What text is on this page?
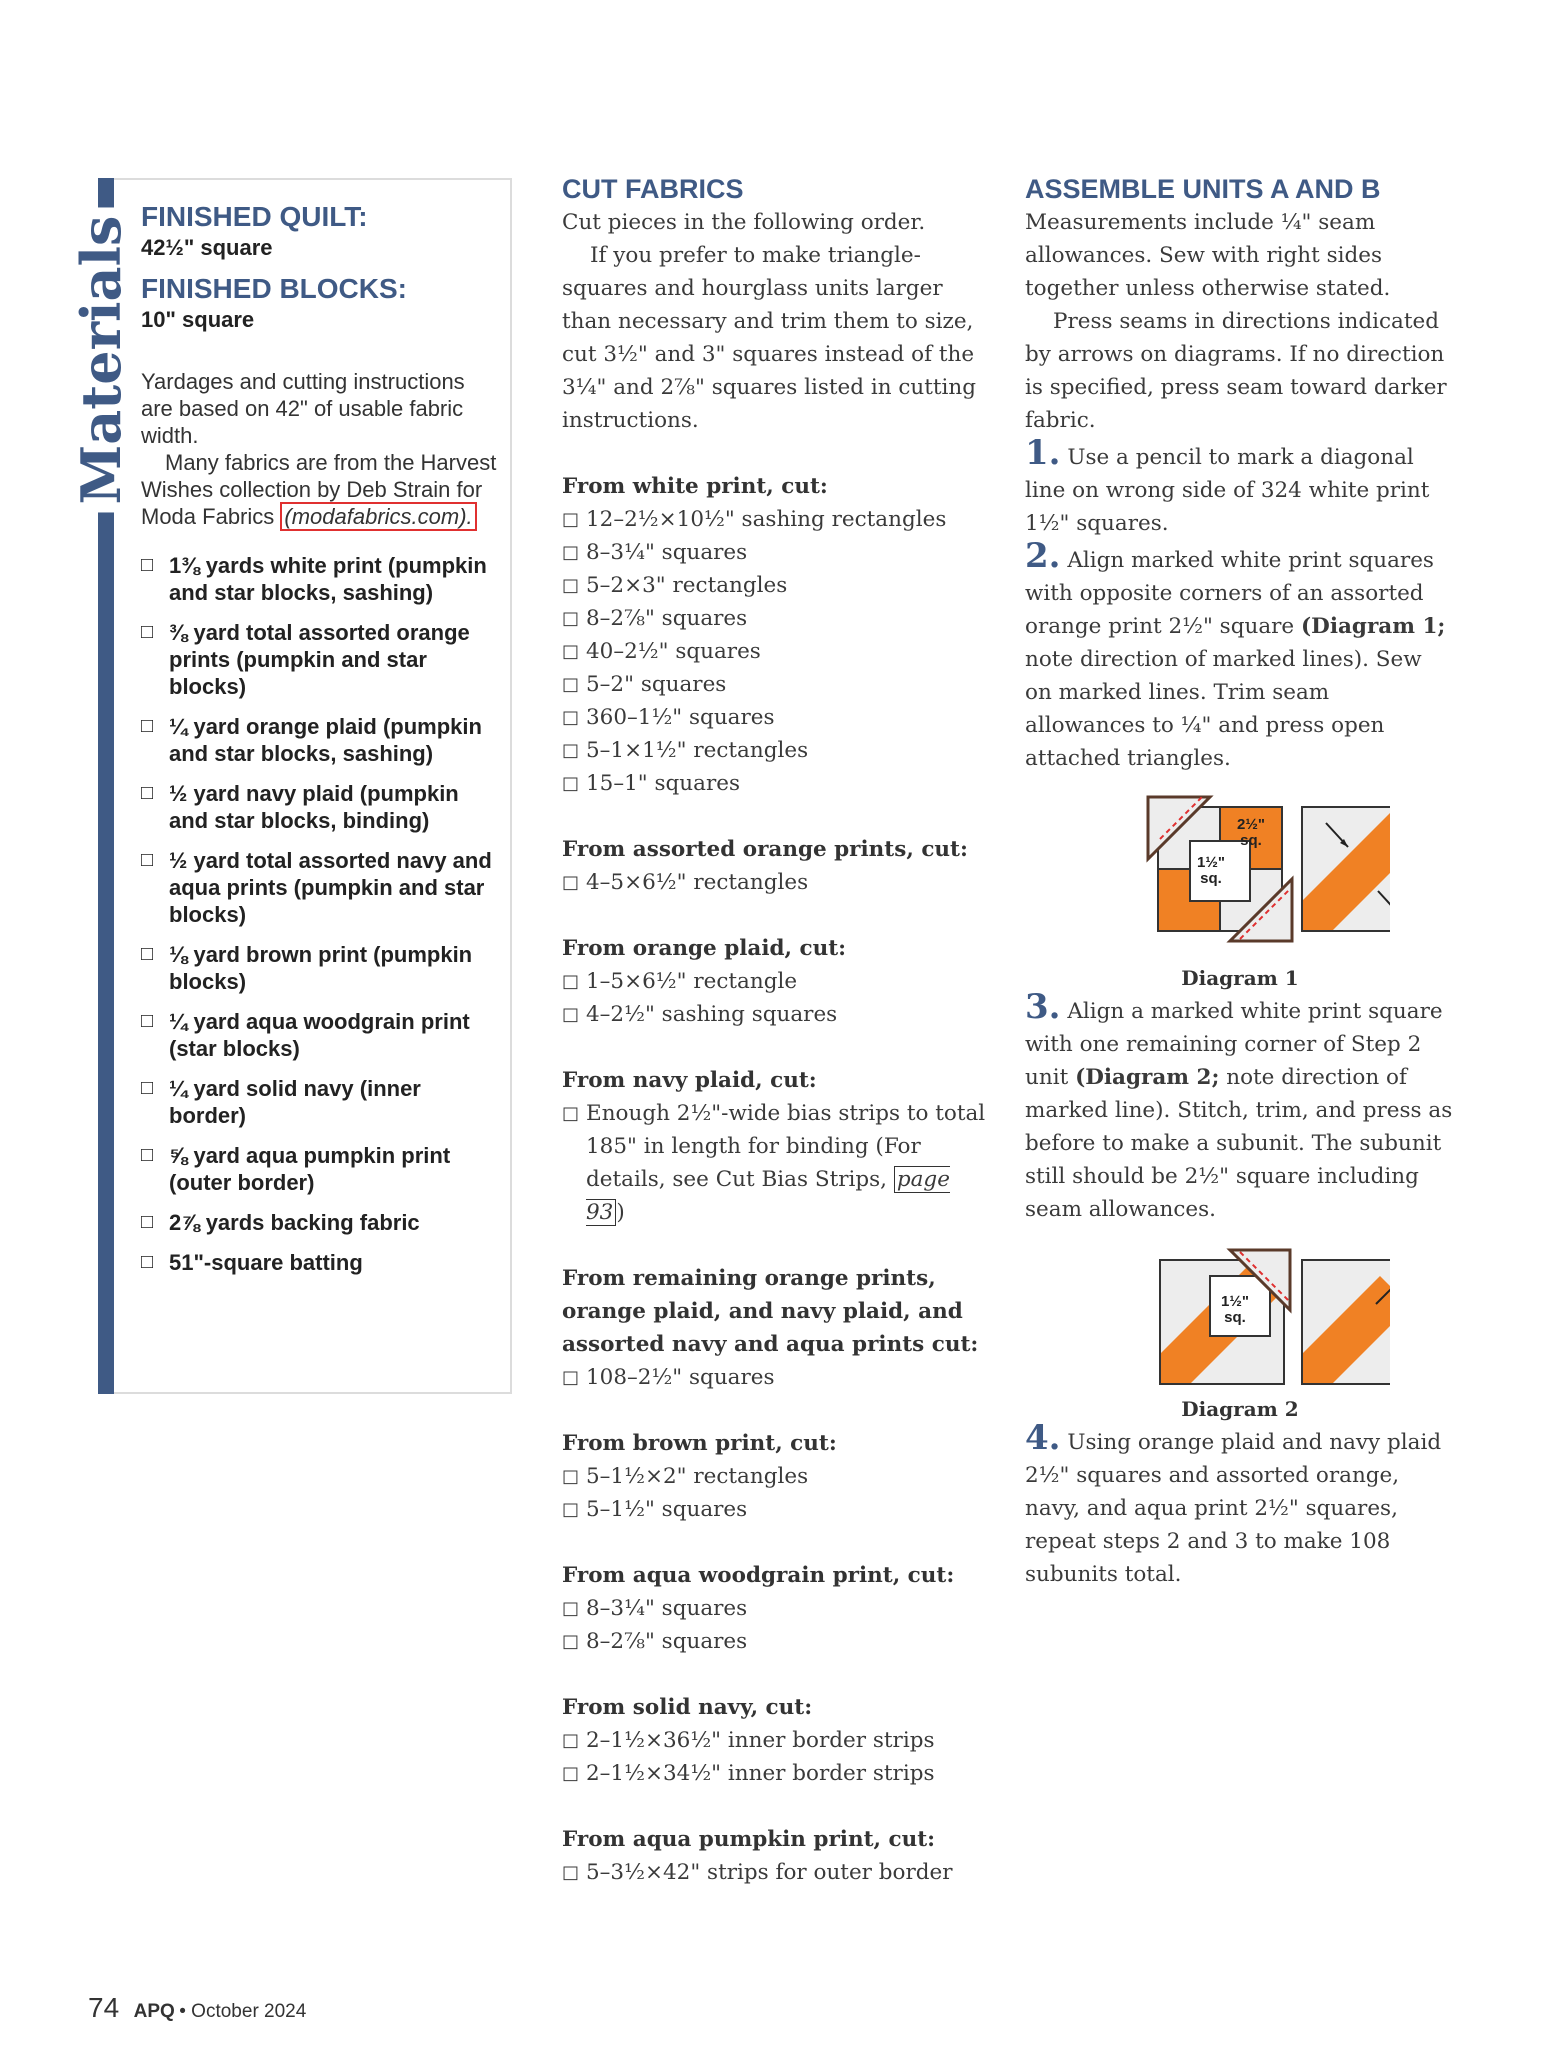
Materials FINISHED QUILT:

42½" square

FINISHED BLOCKS:

10" square

Yardages and cutting instructions are based on 42" of usable fabric width.

Many fabrics are from the Harvest Wishes collection by Deb Strain for Moda Fabrics (modafabrics.com).

□ 1⅜ yards white print (pumpkin and star blocks, sashing)
□ ⅜ yard total assorted orange prints (pumpkin and star blocks)
□ ¼ yard orange plaid (pumpkin and star blocks, sashing)
□ ½ yard navy plaid (pumpkin and star blocks, binding)
□ ½ yard total assorted navy and aqua prints (pumpkin and star blocks)
□ ⅛ yard brown print (pumpkin blocks)
□ ¼ yard aqua woodgrain print (star blocks)
□ ¼ yard solid navy (inner border)
□ ⅝ yard aqua pumpkin print (outer border)
□ 2⅞ yards backing fabric
□ 51"-square batting

CUT FABRICS

Cut pieces in the following order.

If you prefer to make triangle-squares and hourglass units larger than necessary and trim them to size, cut 3½" and 3" squares instead of the 3¼" and 2⅞" squares listed in cutting instructions.

From white print, cut:

□ 12–2½×10½" sashing rectangles

□ 8–3¼" squares

□ 5–2×3" rectangles

□ 8–2⅞" squares

□ 40–2½" squares

□ 5–2" squares

□ 360–1½" squares

□ 5–1×1½" rectangles

□ 15–1" squares

From assorted orange prints, cut:

□ 4–5×6½" rectangles

From orange plaid, cut:

□ 1–5×6½" rectangle

□ 4–2½" sashing squares

From navy plaid, cut:

□ Enough 2½"-wide bias strips to total 185" in length for binding (For details, see Cut Bias Strips, page 93 )

From remaining orange prints, orange plaid, and navy plaid, and assorted navy and aqua prints cut:

□ 108–2½" squares

From brown print, cut:

□ 5–1½×2" rectangles

□ 5–1½" squares

From aqua woodgrain print, cut:

□ 8–3¼" squares

□ 8–2⅞" squares

From solid navy, cut:

□ 2–1½×36½" inner border strips

□ 2–1½×34½" inner border strips

From aqua pumpkin print, cut:

□ 5–3½×42" strips for outer border

ASSEMBLE UNITS A AND B

Measurements include ¼" seam allowances. Sew with right sides together unless otherwise stated.

Press seams in directions indicated by arrows on diagrams. If no direction is specified, press seam toward darker fabric.

1. Use a pencil to mark a diagonal line on wrong side of 324 white print 1½" squares.

2. Align marked white print squares with opposite corners of an assorted orange print 2½" square (Diagram 1; note direction of marked lines). Sew on marked lines. Trim seam allowances to ¼" and press open attached triangles.

2½"
sq.
1½"
sq.
Diagram 1

3. Align a marked white print square with one remaining corner of Step 2 unit (Diagram 2; note direction of marked line). Stitch, trim, and press as before to make a subunit. The subunit still should be 2½" square including seam allowances.

1½"
sq.
Diagram 2

4. Using orange plaid and navy plaid 2½" squares and assorted orange, navy, and aqua print 2½" squares, repeat steps 2 and 3 to make 108 subunits total.

74 APQ • October 2024
